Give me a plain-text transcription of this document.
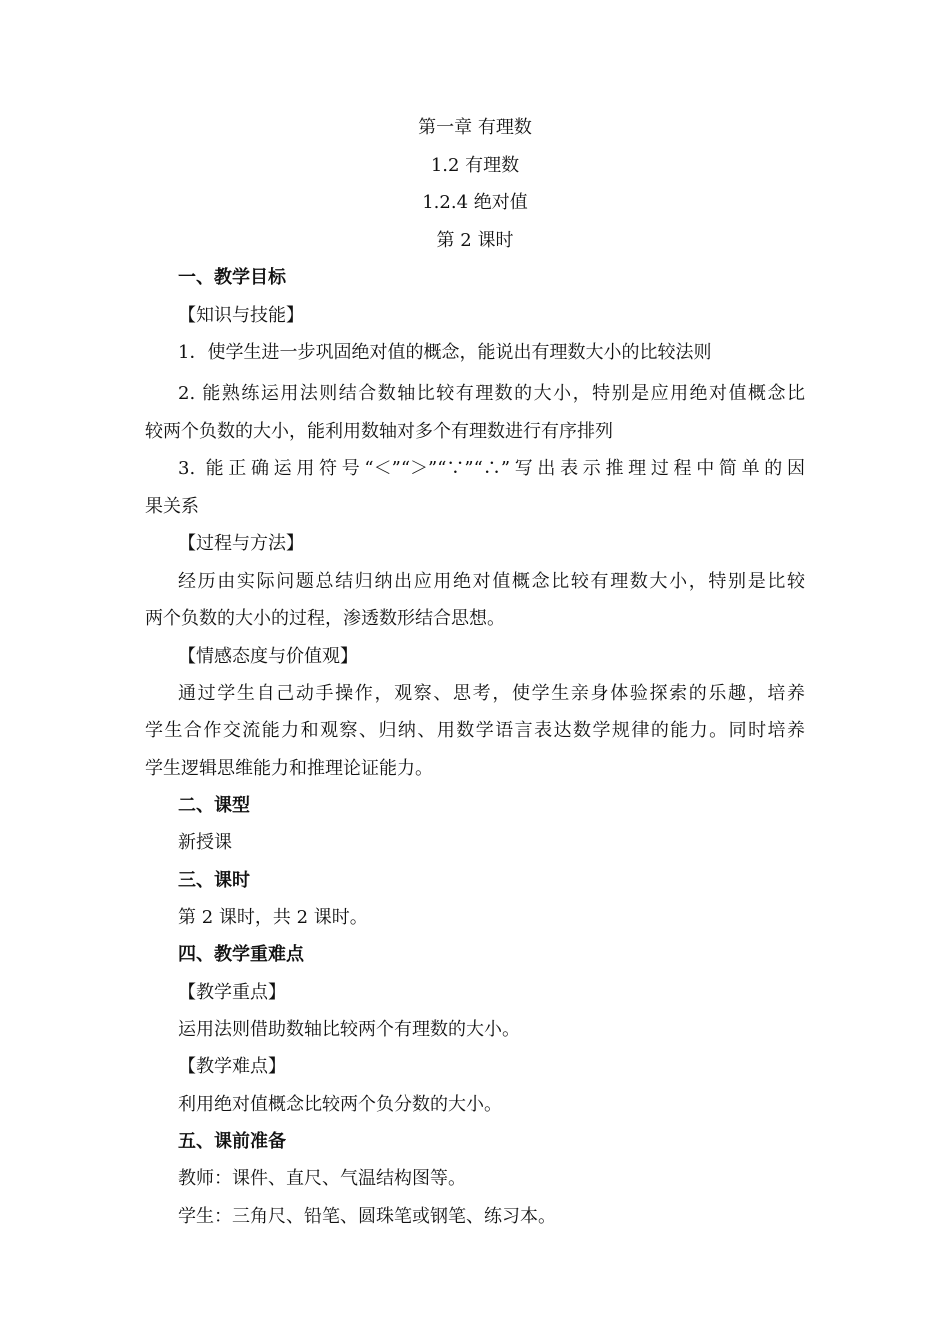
第一章 有理数
1.2 有理数
1.2.4 绝对值
第 2 课时
一、教学目标
【知识与技能】
1．使学生进一步巩固绝对值的概念，能说出有理数大小的比较法则
2. 能熟练运用法则结合数轴比较有理数的大小，特别是应用绝对值概念比
较两个负数的大小，能利用数轴对多个有理数进行有序排列
3. 能正确运用符号“＜”“＞”“∵”“∴”写出表示推理过程中简单的因
果关系
【过程与方法】
经历由实际问题总结归纳出应用绝对值概念比较有理数大小，特别是比较
两个负数的大小的过程，渗透数形结合思想。
【情感态度与价值观】
通过学生自己动手操作，观察、思考，使学生亲身体验探索的乐趣，培养
学生合作交流能力和观察、归纳、用数学语言表达数学规律的能力。同时培养
学生逻辑思维能力和推理论证能力。
二、课型
新授课
三、课时
第 2 课时，共 2 课时。
四、教学重难点
【教学重点】
运用法则借助数轴比较两个有理数的大小。
【教学难点】
利用绝对值概念比较两个负分数的大小。
五、课前准备
教师：课件、直尺、气温结构图等。
学生：三角尺、铅笔、圆珠笔或钢笔、练习本。
